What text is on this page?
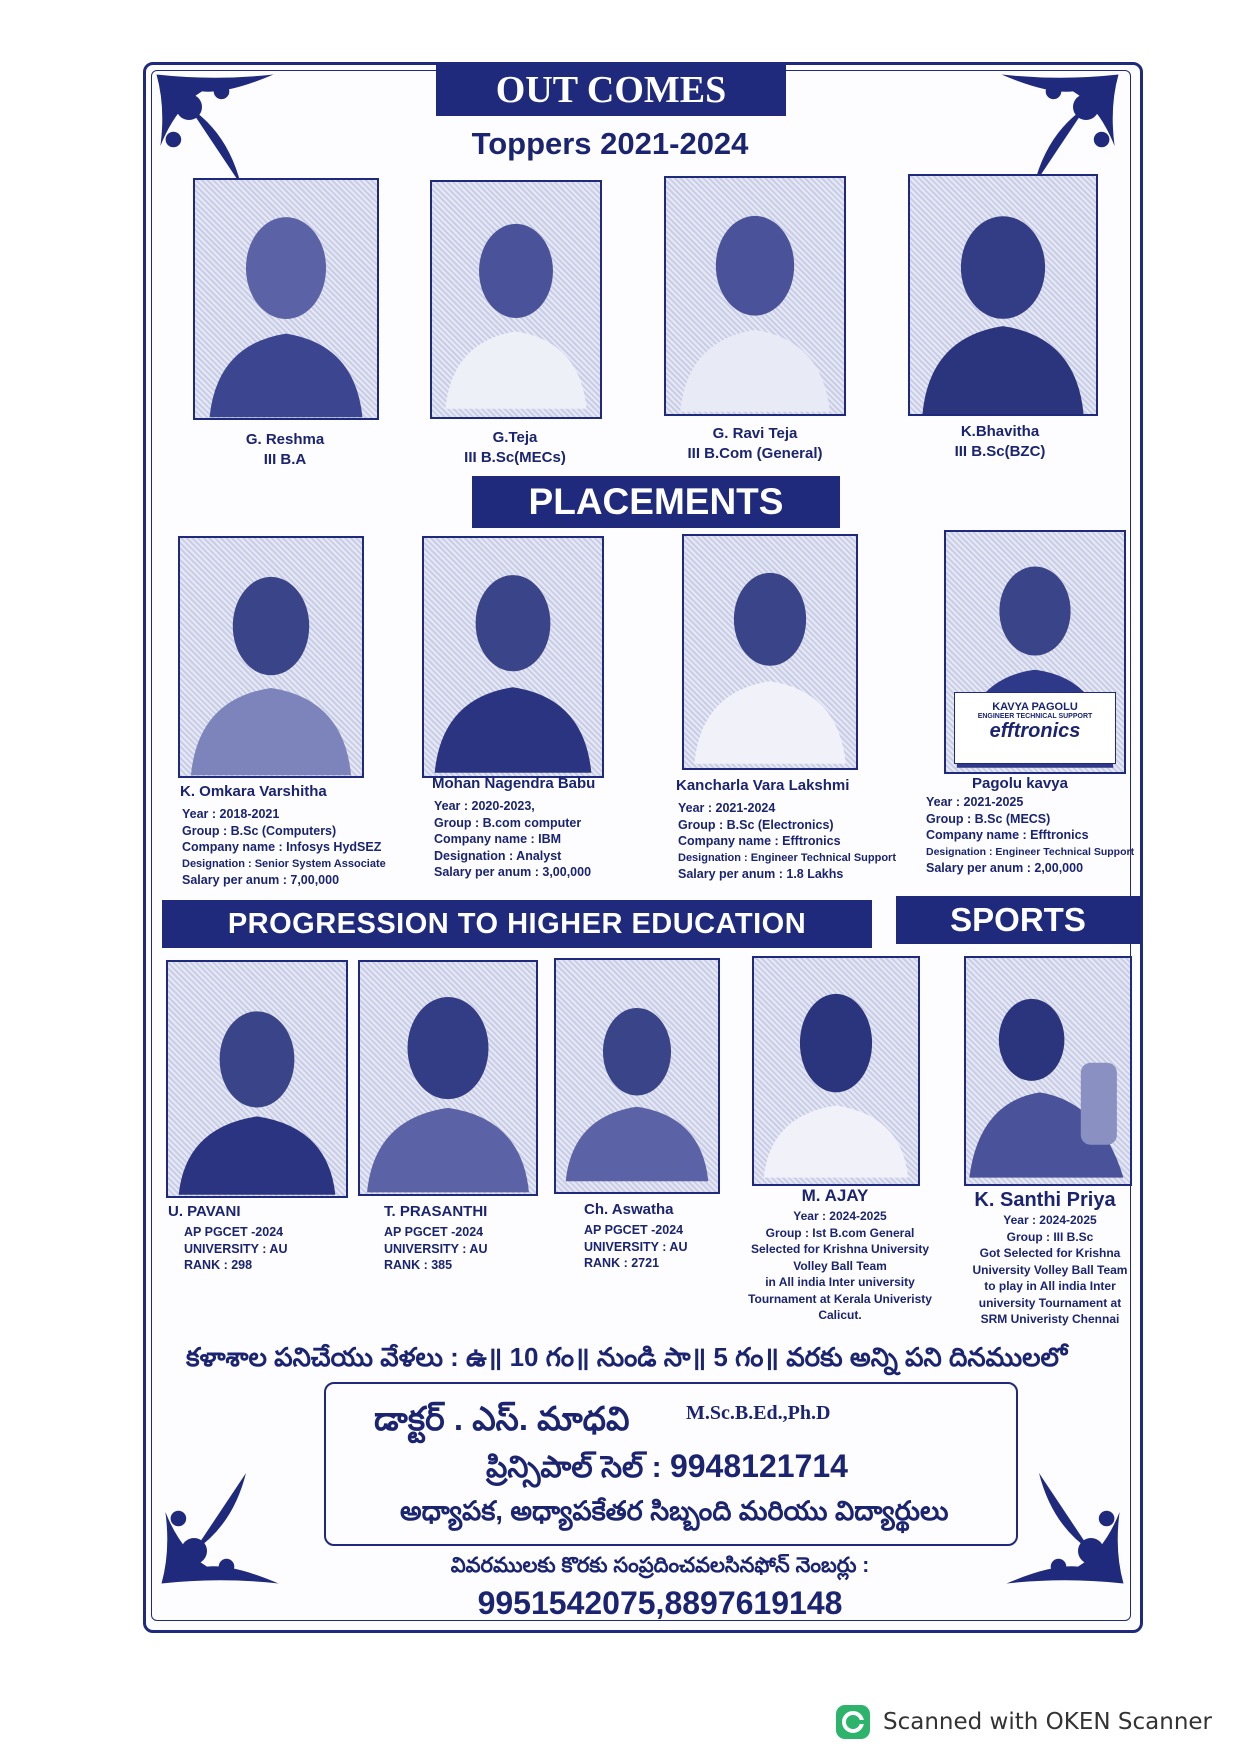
OUT COMES
Toppers 2021-2024
G. Reshma
III B.A
G.Teja
III B.Sc(MECs)
G. Ravi Teja
III B.Com (General)
K.Bhavitha
III B.Sc(BZC)
PLACEMENTS
KAVYA PAGOLU
ENGINEER TECHNICAL SUPPORT
efftronics
K. Omkara Varshitha
Year : 2018-2021
Group : B.Sc (Computers)
Company name : Infosys HydSEZ
Designation : Senior System Associate
Salary per anum : 7,00,000
Mohan Nagendra Babu
Year : 2020-2023,
Group : B.com computer
Company name : IBM
Designation : Analyst
Salary per anum : 3,00,000
Kancharla Vara Lakshmi
Year : 2021-2024
Group : B.Sc (Electronics)
Company name : Efftronics
Designation : Engineer Technical Support
Salary per anum : 1.8 Lakhs
Pagolu kavya
Year : 2021-2025
Group : B.Sc (MECS)
Company name : Efftronics
Designation : Engineer Technical Support
Salary per anum : 2,00,000
PROGRESSION TO HIGHER EDUCATION	SPORTS
U. PAVANI
AP PGCET -2024
UNIVERSITY : AU
RANK : 298
T. PRASANTHI
AP PGCET -2024
UNIVERSITY : AU
RANK : 385
Ch. Aswatha
AP PGCET -2024
UNIVERSITY : AU
RANK : 2721
M. AJAY
Year : 2024-2025
Group : Ist B.com General
Selected for Krishna University
Volley Ball Team
in All india Inter university
Tournament at Kerala Univeristy
Calicut.
K. Santhi Priya
Year : 2024-2025
Group : III B.Sc
Got Selected for Krishna
University Volley Ball Team
to play in All india Inter
university Tournament at
SRM Univeristy Chennai
కళాశాల పనిచేయు వేళలు : ఉ॥ 10 గం॥ నుండి సా॥ 5 గం॥ వరకు అన్ని పని దినములలో
డాక్టర్ . ఎస్. మాధవి	M.Sc.B.Ed.,Ph.D
ప్రిన్సిపాల్ సెల్ : 9948121714
అధ్యాపక, అధ్యాపకేతర సిబ్బంది మరియు విద్యార్థులు
వివరములకు కొరకు సంప్రదించవలసినఫోన్ నెంబర్లు :
9951542075,8897619148
Scanned with OKEN Scanner
